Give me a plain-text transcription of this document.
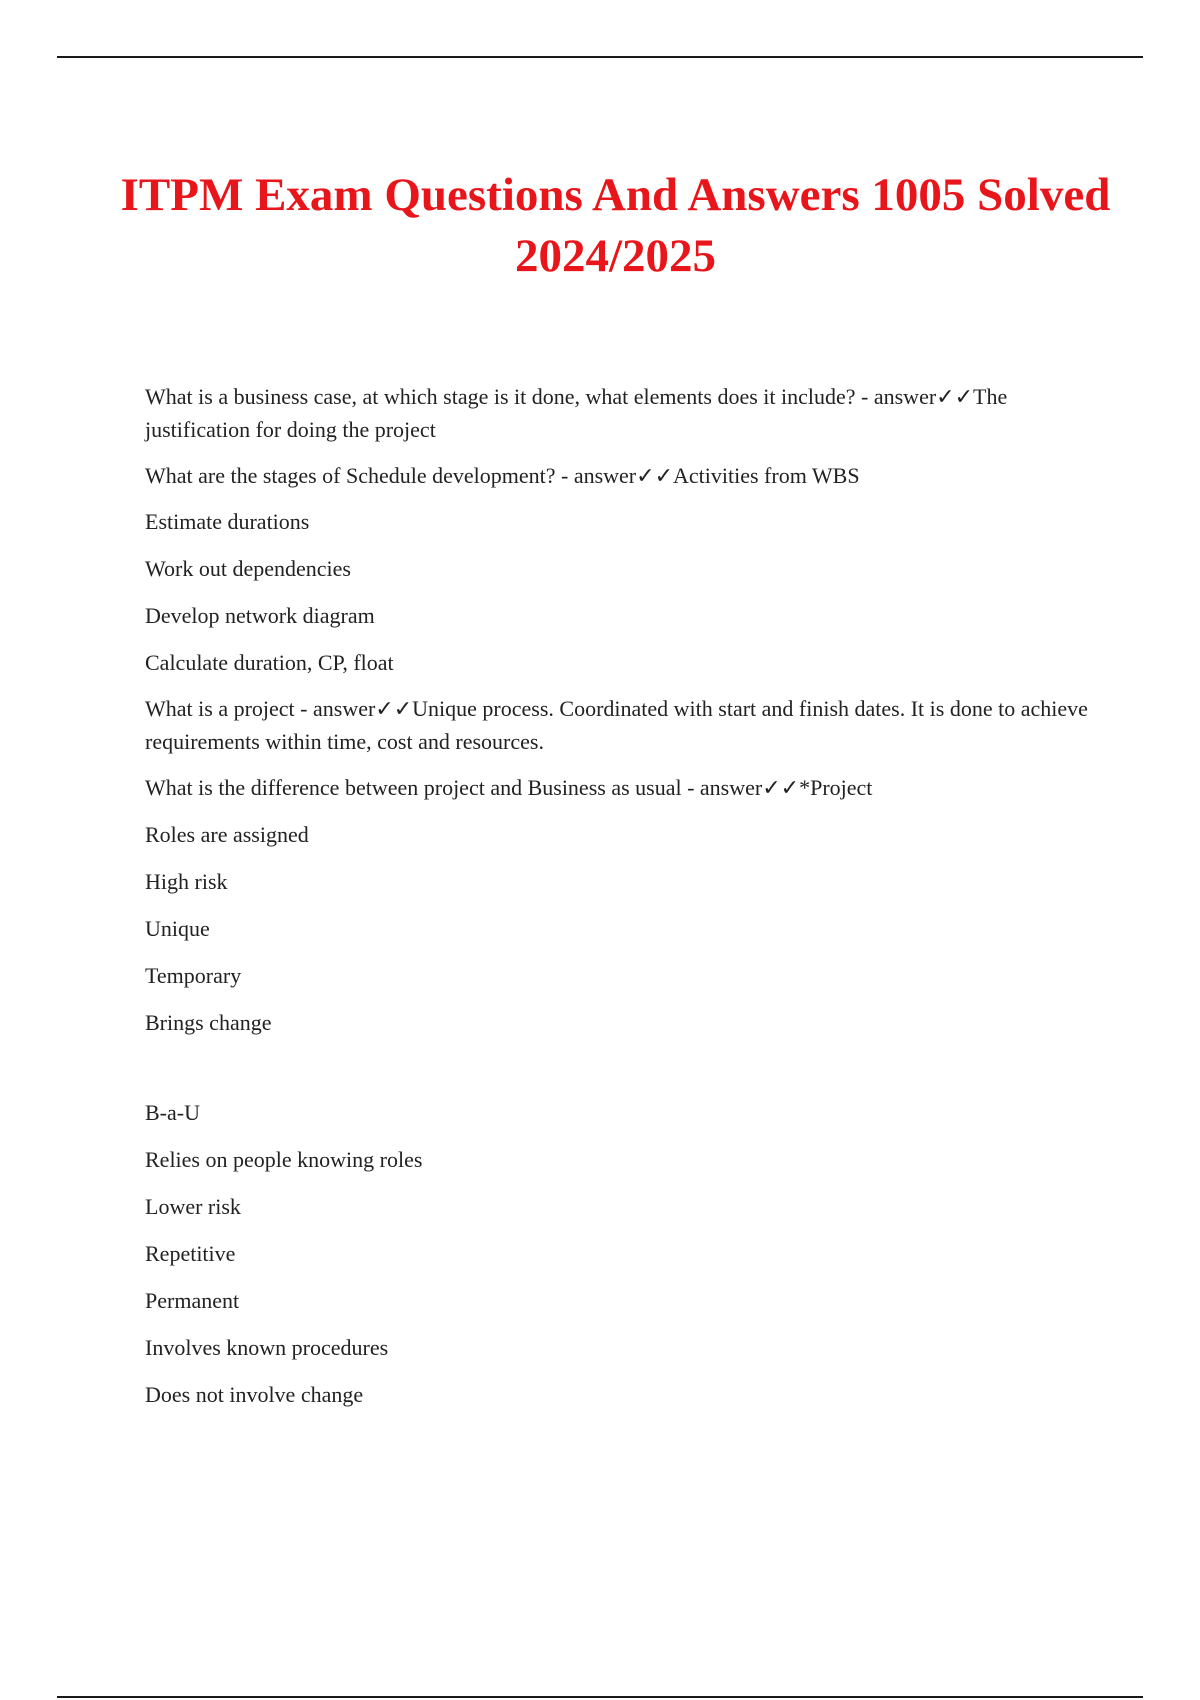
ITPM Exam Questions And Answers 1005 Solved 2024/2025

What is a business case, at which stage is it done, what elements does it include? - answer✓✓The justification for doing the project

What are the stages of Schedule development? - answer✓✓Activities from WBS

Estimate durations

Work out dependencies

Develop network diagram

Calculate duration, CP, float

What is a project - answer✓✓Unique process. Coordinated with start and finish dates. It is done to achieve requirements within time, cost and resources.

What is the difference between project and Business as usual - answer✓✓*Project

Roles are assigned

High risk

Unique

Temporary

Brings change

B-a-U

Relies on people knowing roles

Lower risk

Repetitive

Permanent

Involves known procedures

Does not involve change
